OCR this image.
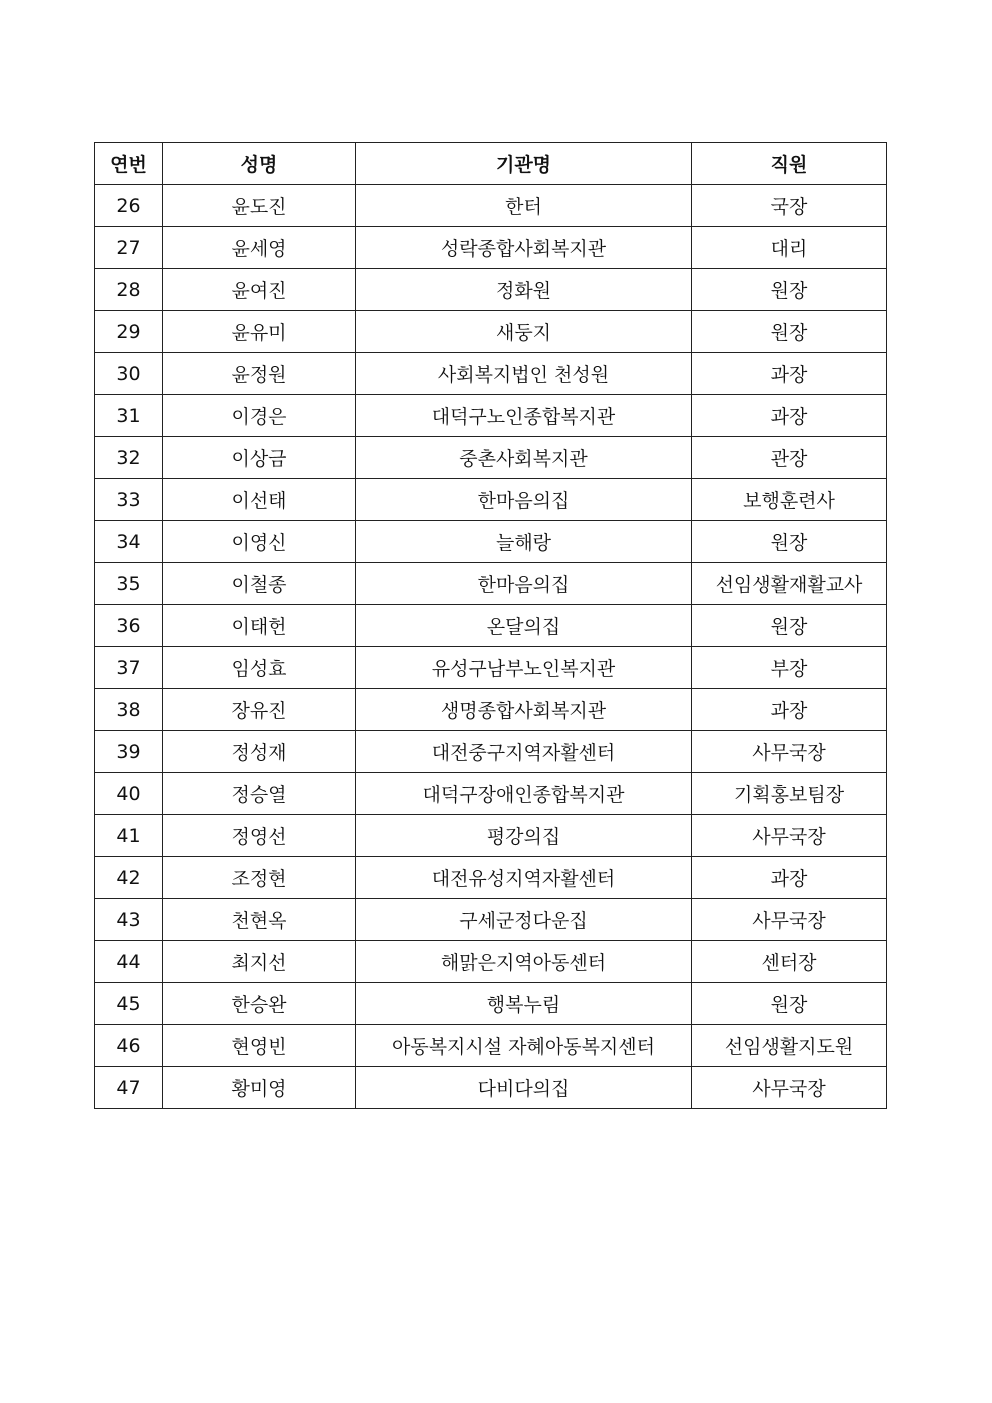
연번	성명	기관명	직원
26	윤도진	한터	국장
27	윤세영	성락종합사회복지관	대리
28	윤여진	정화원	원장
29	윤유미	새둥지	원장
30	윤정원	사회복지법인 천성원	과장
31	이경은	대덕구노인종합복지관	과장
32	이상금	중촌사회복지관	관장
33	이선태	한마음의집	보행훈련사
34	이영신	늘해랑	원장
35	이철종	한마음의집	선임생활재활교사
36	이태헌	온달의집	원장
37	임성효	유성구남부노인복지관	부장
38	장유진	생명종합사회복지관	과장
39	정성재	대전중구지역자활센터	사무국장
40	정승열	대덕구장애인종합복지관	기획홍보팀장
41	정영선	평강의집	사무국장
42	조정현	대전유성지역자활센터	과장
43	천현옥	구세군정다운집	사무국장
44	최지선	해맑은지역아동센터	센터장
45	한승완	행복누림	원장
46	현영빈	아동복지시설 자혜아동복지센터	선임생활지도원
47	황미영	다비다의집	사무국장
